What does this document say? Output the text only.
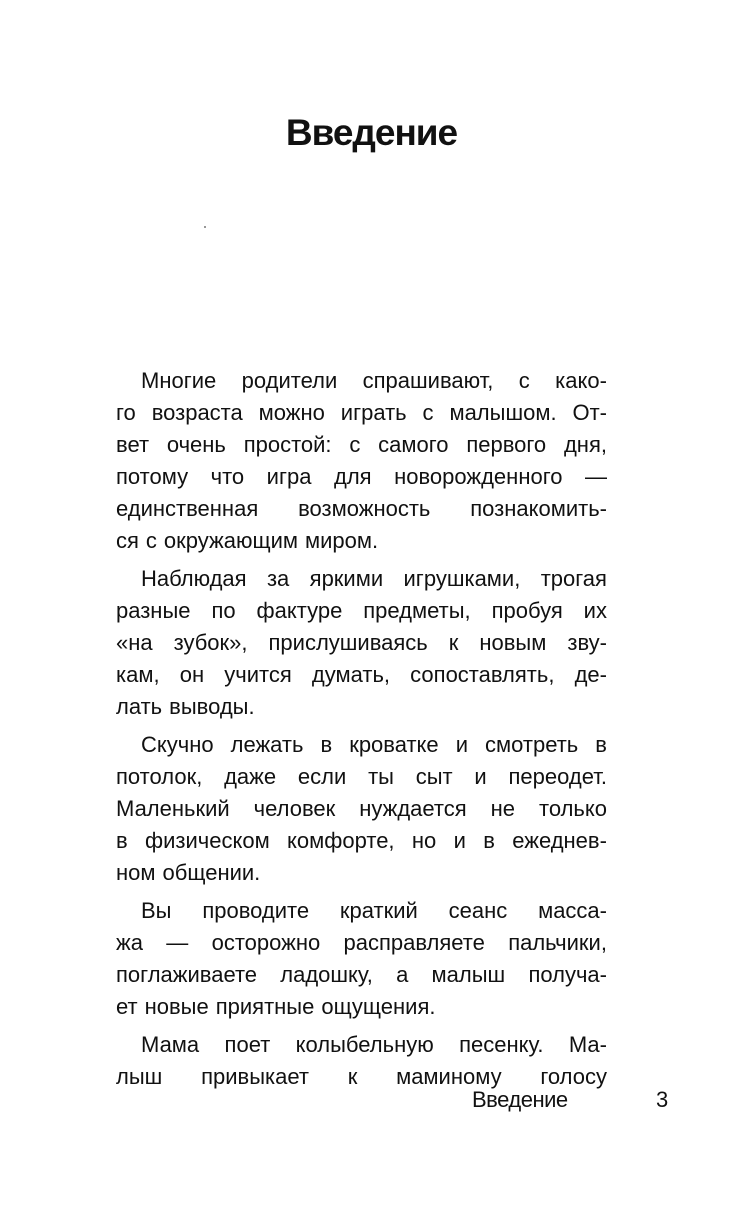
Введение
Многие родители спрашивают, с како-
го возраста можно играть с малышом. От-
вет очень простой: с самого первого дня,
потому что игра для новорожденного —
единственная возможность познакомить-
ся с окружающим миром.
Наблюдая за яркими игрушками, трогая
разные по фактуре предметы, пробуя их
«на зубок», прислушиваясь к новым зву-
кам, он учится думать, сопоставлять, де-
лать выводы.
Скучно лежать в кроватке и смотреть в
потолок, даже если ты сыт и переодет.
Маленький человек нуждается не только
в физическом комфорте, но и в ежеднев-
ном общении.
Вы проводите краткий сеанс масса-
жа — осторожно расправляете пальчики,
поглаживаете ладошку, а малыш получа-
ет новые приятные ощущения.
Мама поет колыбельную песенку. Ма-
лыш привыкает к маминому голосу
Введение	3
